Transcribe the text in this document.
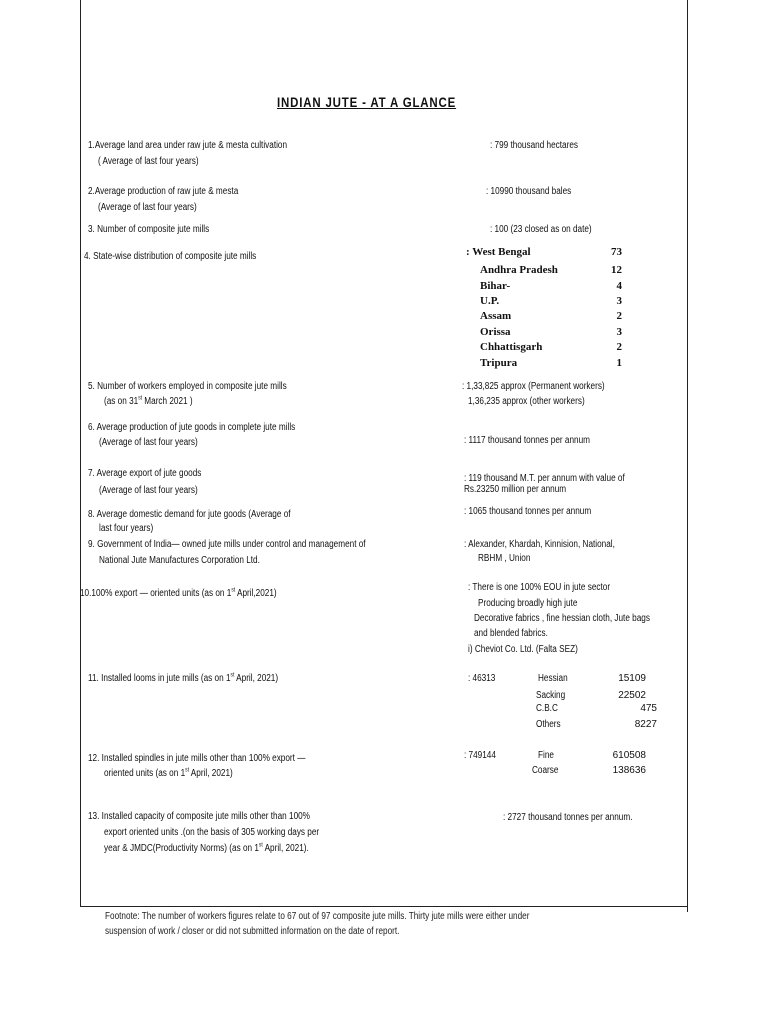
INDIAN JUTE - AT A GLANCE
1.Average land area under raw jute & mesta cultivation
( Average of last four years)
: 799 thousand hectares
2.Average production of raw jute & mesta
(Average of last four years)
: 10990 thousand bales
3. Number of composite jute mills	: 100 (23 closed as on date)
4. State-wise distribution of composite jute mills	: West Bengal	73
Andhra Pradesh	12
Bihar-	4
U.P.	3
Assam	2
Orissa	3
Chhattisgarh	2
Tripura	1
5. Number of workers employed in composite jute mills
(as on 31st March 2021 )
: 1,33,825 approx (Permanent workers)
1,36,235 approx (other workers)
6. Average production of jute goods in complete jute mills
(Average of last four years)	: 1117 thousand tonnes per annum
7. Average export of jute goods
(Average of last four years)
: 119 thousand M.T. per annum with value of
Rs.23250 million per annum
8. Average domestic demand for jute goods (Average of
last four years)
: 1065 thousand tonnes per annum
9. Government of India— owned jute mills under control and management of
National Jute Manufactures Corporation Ltd.
: Alexander, Khardah, Kinnision, National,
RBHM , Union
10.100% export — oriented units (as on 1st April,2021)
: There is one 100% EOU in jute sector
Producing broadly high jute
Decorative fabrics , fine hessian cloth, Jute bags
and blended fabrics.
i) Cheviot Co. Ltd. (Falta SEZ)
11. Installed looms in jute mills (as on 1st April, 2021)	: 46313	Hessian	15109
Sacking	22502
C.B.C	475
Others	8227
12. Installed spindles in jute mills other than 100% export —
oriented units (as on 1st April, 2021)
: 749144	Fine	610508
Coarse	138636
13. Installed capacity of composite jute mills other than 100%
export oriented units .(on the basis of 305 working days per
year & JMDC(Productivity Norms) (as on 1st April, 2021).
: 2727 thousand tonnes per annum.
Footnote: The number of workers figures relate to 67 out of 97 composite jute mills. Thirty jute mills were either under
suspension of work / closer or did not submitted information on the date of report.
